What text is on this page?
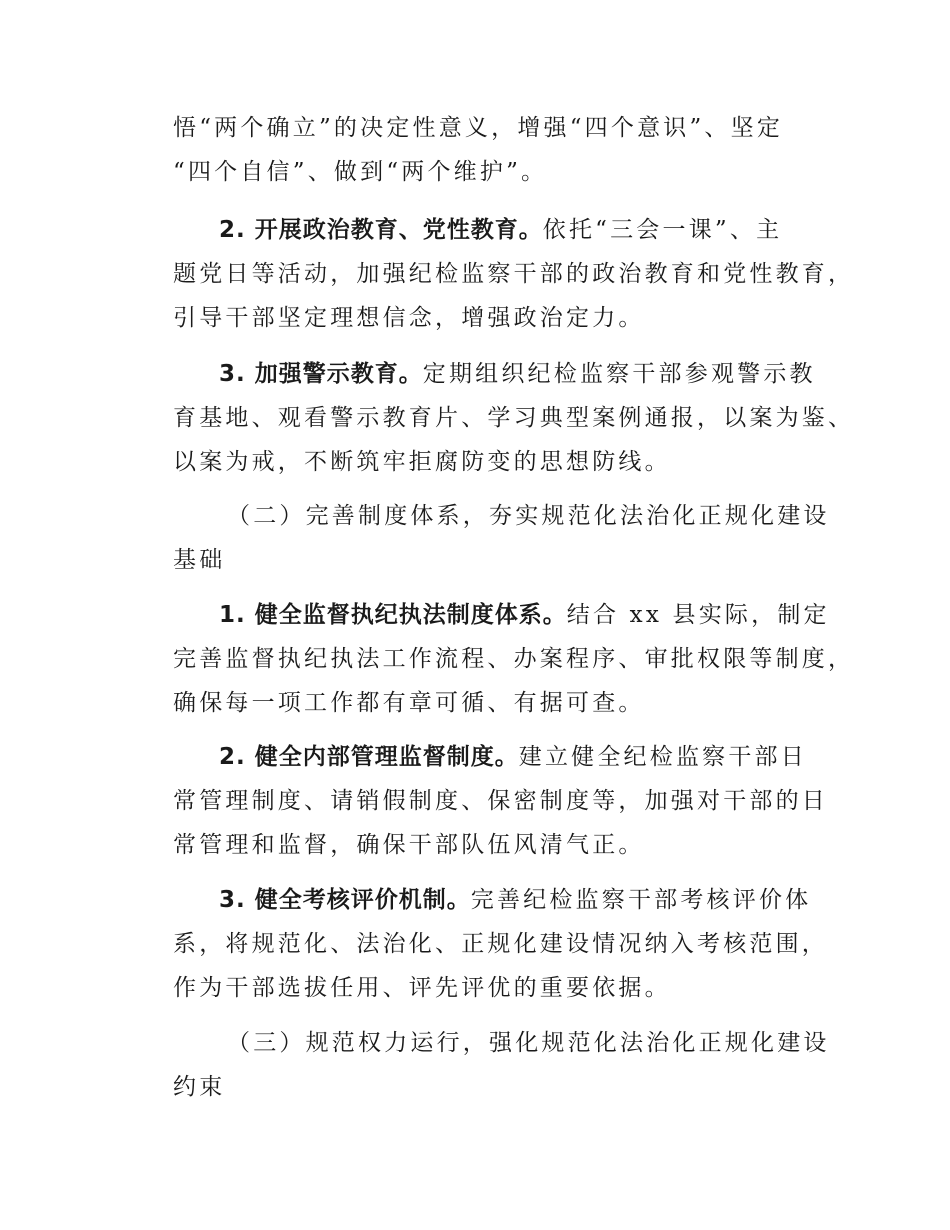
悟“两个确立”的决定性意义，增强“四个意识”、坚定
“四个自信”、做到“两个维护”。
2. 开展政治教育、党性教育。依托“三会一课”、主
题党日等活动，加强纪检监察干部的政治教育和党性教育，
引导干部坚定理想信念，增强政治定力。
3. 加强警示教育。定期组织纪检监察干部参观警示教
育基地、观看警示教育片、学习典型案例通报，以案为鉴、
以案为戒，不断筑牢拒腐防变的思想防线。
（二）完善制度体系，夯实规范化法治化正规化建设
基础
1. 健全监督执纪执法制度体系。结合 xx 县实际，制定
完善监督执纪执法工作流程、办案程序、审批权限等制度，
确保每一项工作都有章可循、有据可查。
2. 健全内部管理监督制度。建立健全纪检监察干部日
常管理制度、请销假制度、保密制度等，加强对干部的日
常管理和监督，确保干部队伍风清气正。
3. 健全考核评价机制。完善纪检监察干部考核评价体
系，将规范化、法治化、正规化建设情况纳入考核范围，
作为干部选拔任用、评先评优的重要依据。
（三）规范权力运行，强化规范化法治化正规化建设
约束
